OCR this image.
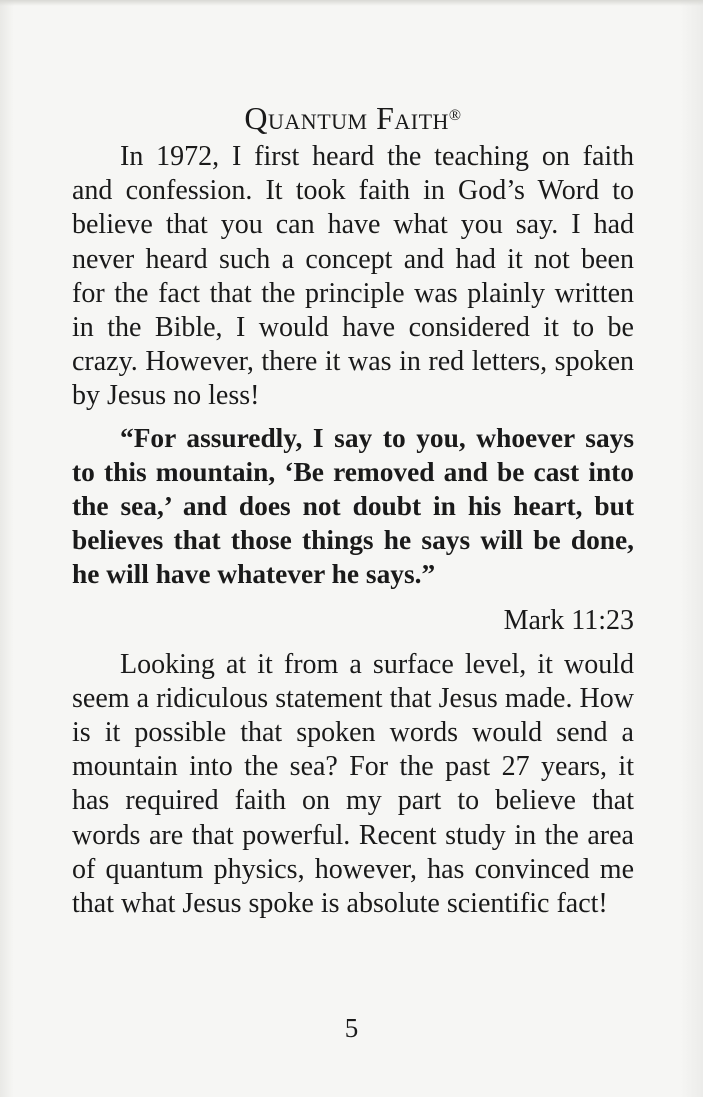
Quantum Faith®

In 1972, I first heard the teaching on faith and confession. It took faith in God’s Word to believe that you can have what you say. I had never heard such a concept and had it not been for the fact that the principle was plainly written in the Bible, I would have considered it to be crazy. However, there it was in red letters, spoken by Jesus no less!

“For assuredly, I say to you, whoever says to this mountain, ‘Be removed and be cast into the sea,’ and does not doubt in his heart, but believes that those things he says will be done, he will have whatever he says.”

Mark 11:23

Looking at it from a surface level, it would seem a ridiculous statement that Jesus made. How is it possible that spoken words would send a mountain into the sea? For the past 27 years, it has required faith on my part to believe that words are that powerful. Recent study in the area of quantum physics, however, has convinced me that what Jesus spoke is absolute scientific fact!

5
